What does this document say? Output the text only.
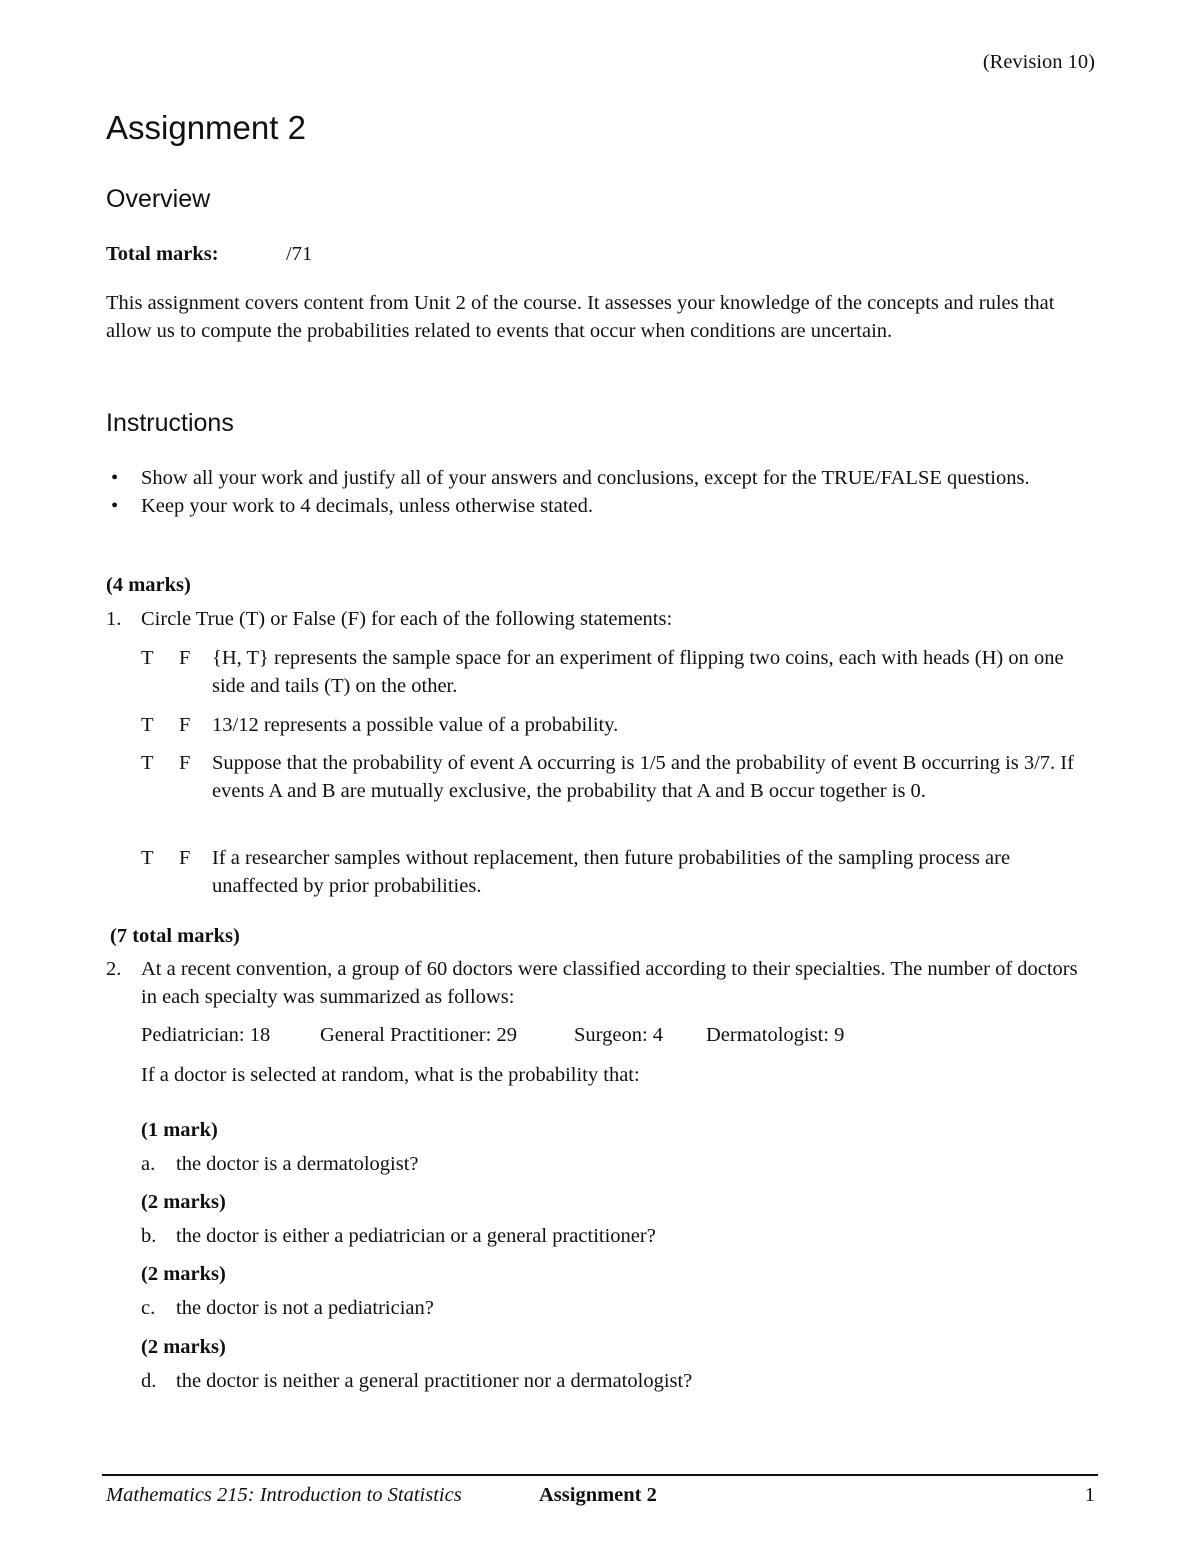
(Revision 10)
Assignment 2
Overview
Total marks:	/71
This assignment covers content from Unit 2 of the course. It assesses your knowledge of the concepts and rules that allow us to compute the probabilities related to events that occur when conditions are uncertain.
Instructions
• Show all your work and justify all of your answers and conclusions, except for the TRUE/FALSE questions.
• Keep your work to 4 decimals, unless otherwise stated.
(4 marks)
1. Circle True (T) or False (F) for each of the following statements:
T F {H, T} represents the sample space for an experiment of flipping two coins, each with heads (H) on one side and tails (T) on the other.
T F 13/12 represents a possible value of a probability.
T F Suppose that the probability of event A occurring is 1/5 and the probability of event B occurring is 3/7. If events A and B are mutually exclusive, the probability that A and B occur together is 0.
T F If a researcher samples without replacement, then future probabilities of the sampling process are unaffected by prior probabilities.
(7 total marks)
2. At a recent convention, a group of 60 doctors were classified according to their specialties. The number of doctors in each specialty was summarized as follows:
Pediatrician: 18 General Practitioner: 29	Surgeon: 4 Dermatologist: 9
If a doctor is selected at random, what is the probability that:
(1 mark)
a. the doctor is a dermatologist?
(2 marks)
b. the doctor is either a pediatrician or a general practitioner?
(2 marks)
c. the doctor is not a pediatrician?
(2 marks)
d. the doctor is neither a general practitioner nor a dermatologist?
Mathematics 215: Introduction to Statistics	Assignment 2	1
